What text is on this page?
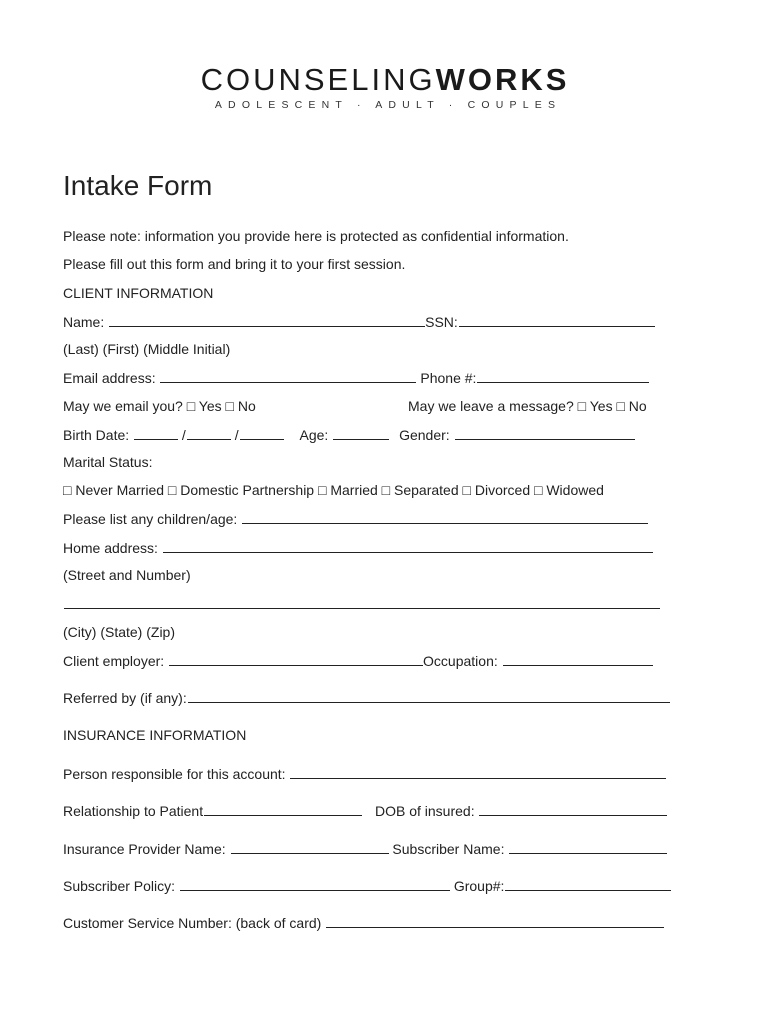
COUNSELINGWORKS
ADOLESCENT · ADULT · COUPLES
Intake Form
Please note: information you provide here is protected as confidential information.
Please fill out this form and bring it to your first session.
CLIENT INFORMATION
Name:	SSN:
(Last) (First) (Middle Initial)
Email address:	Phone #:
May we email you? □ Yes □ No	May we leave a message? □ Yes □ No
Birth Date:	/	/	Age:	Gender:
Marital Status:
□ Never Married □ Domestic Partnership □ Married □ Separated □ Divorced □ Widowed
Please list any children/age:
Home address:
(Street and Number)
(City) (State) (Zip)
Client employer:	Occupation:
Referred by (if any):
INSURANCE INFORMATION
Person responsible for this account:
Relationship to Patient	DOB of insured:
Insurance Provider Name:	Subscriber Name:
Subscriber Policy:	Group#:
Customer Service Number: (back of card)
